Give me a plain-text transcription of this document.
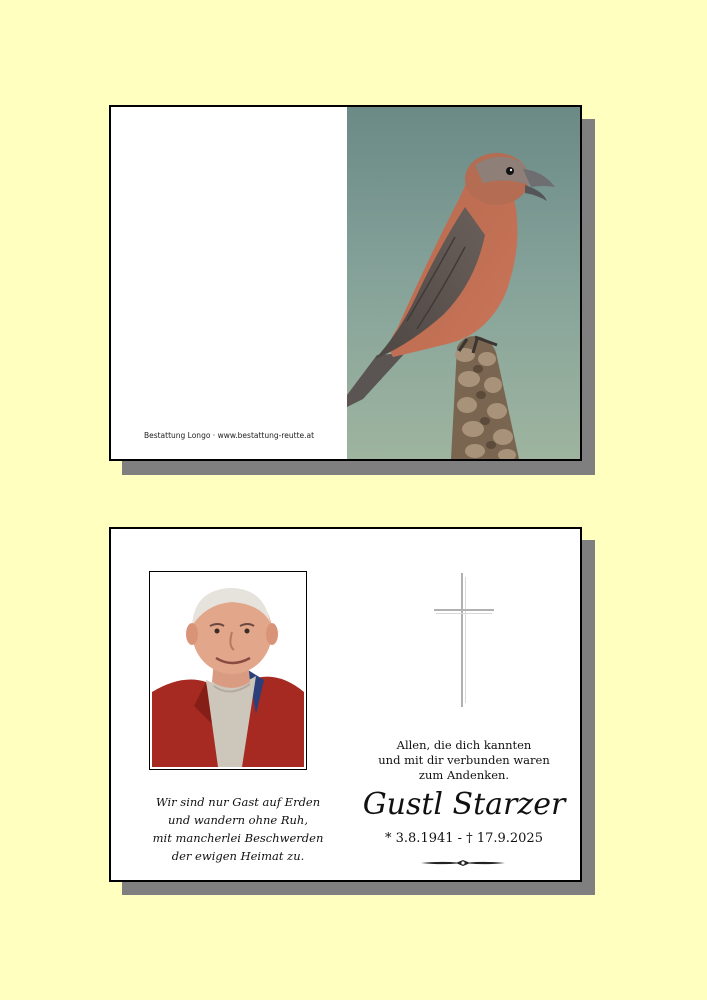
Bestattung Longo · www.bestattung-reutte.at
Wir sind nur Gast auf Erden
und wandern ohne Ruh,
mit mancherlei Beschwerden
der ewigen Heimat zu.
Allen, die dich kannten
und mit dir verbunden waren
zum Andenken.
Gustl Starzer
* 3.8.1941 - † 17.9.2025
